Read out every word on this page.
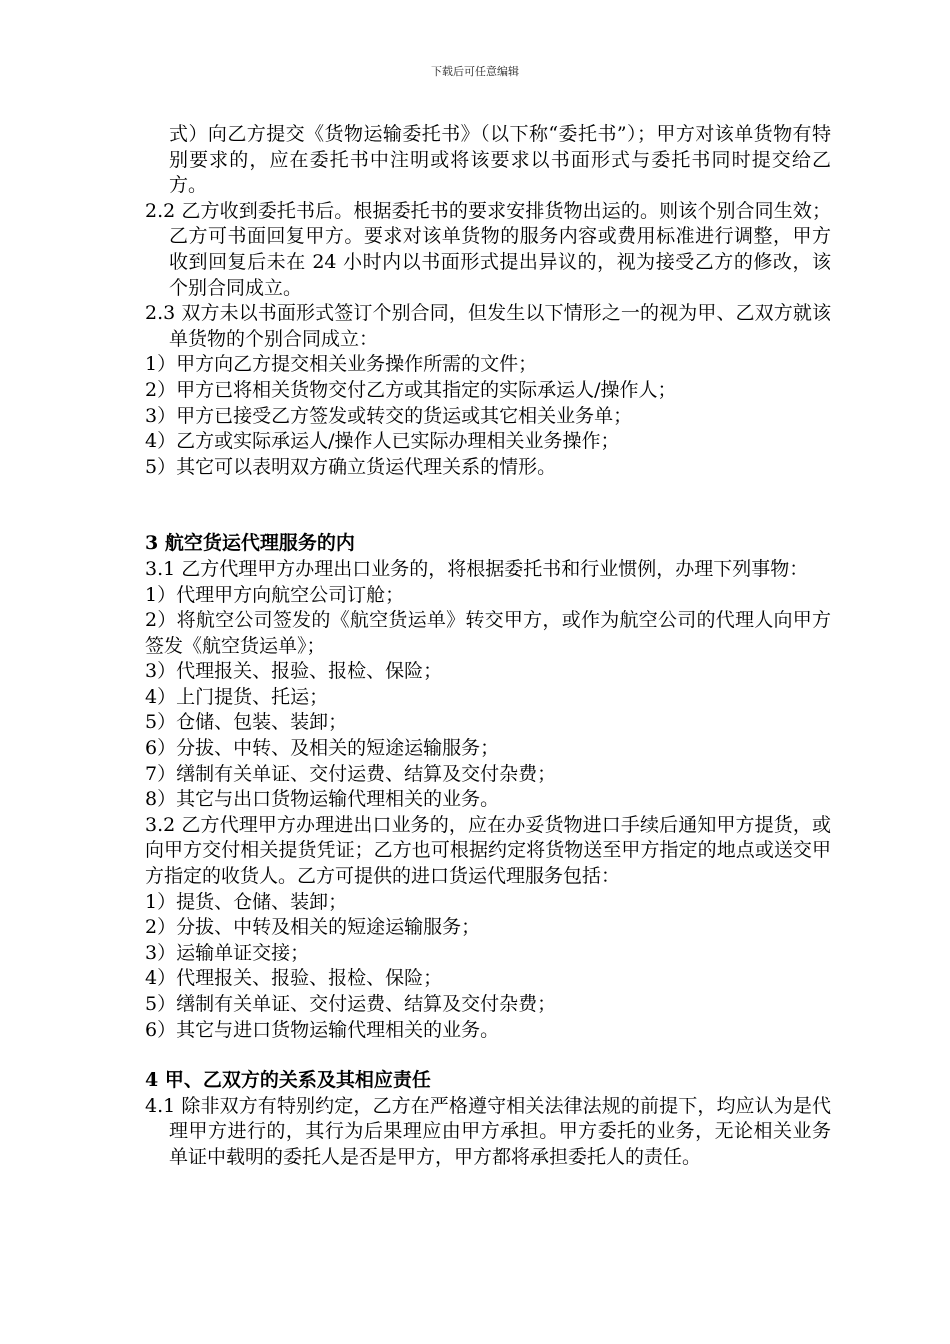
下载后可任意编辑

式）向乙方提交《货物运输委托书》（以下称“委托书”）；甲方对该单货物有特别要求的，应在委托书中注明或将该要求以书面形式与委托书同时提交给乙方。

2.2 乙方收到委托书后。根据委托书的要求安排货物出运的。则该个别合同生效；乙方可书面回复甲方。要求对该单货物的服务内容或费用标准进行调整，甲方收到回复后未在 24 小时内以书面形式提出异议的，视为接受乙方的修改，该个别合同成立。

2.3 双方未以书面形式签订个别合同，但发生以下情形之一的视为甲、乙双方就该单货物的个别合同成立：

1）甲方向乙方提交相关业务操作所需的文件；

2）甲方已将相关货物交付乙方或其指定的实际承运人/操作人；

3）甲方已接受乙方签发或转交的货运或其它相关业务单；

4）乙方或实际承运人/操作人已实际办理相关业务操作；

5）其它可以表明双方确立货运代理关系的情形。

3 航空货运代理服务的内

3.1 乙方代理甲方办理出口业务的，将根据委托书和行业惯例，办理下列事物：

1）代理甲方向航空公司订舱；

2）将航空公司签发的《航空货运单》转交甲方，或作为航空公司的代理人向甲方签发《航空货运单》；

3）代理报关、报验、报检、保险；

4）上门提货、托运；

5）仓储、包装、装卸；

6）分拔、中转、及相关的短途运输服务；

7）缮制有关单证、交付运费、结算及交付杂费；

8）其它与出口货物运输代理相关的业务。

3.2 乙方代理甲方办理进出口业务的，应在办妥货物进口手续后通知甲方提货，或向甲方交付相关提货凭证；乙方也可根据约定将货物送至甲方指定的地点或送交甲方指定的收货人。乙方可提供的进口货运代理服务包括：

1）提货、仓储、装卸；

2）分拔、中转及相关的短途运输服务；

3）运输单证交接；

4）代理报关、报验、报检、保险；

5）缮制有关单证、交付运费、结算及交付杂费；

6）其它与进口货物运输代理相关的业务。

4 甲、乙双方的关系及其相应责任

4.1 除非双方有特别约定，乙方在严格遵守相关法律法规的前提下，均应认为是代理甲方进行的，其行为后果理应由甲方承担。甲方委托的业务，无论相关业务单证中载明的委托人是否是甲方，甲方都将承担委托人的责任。
